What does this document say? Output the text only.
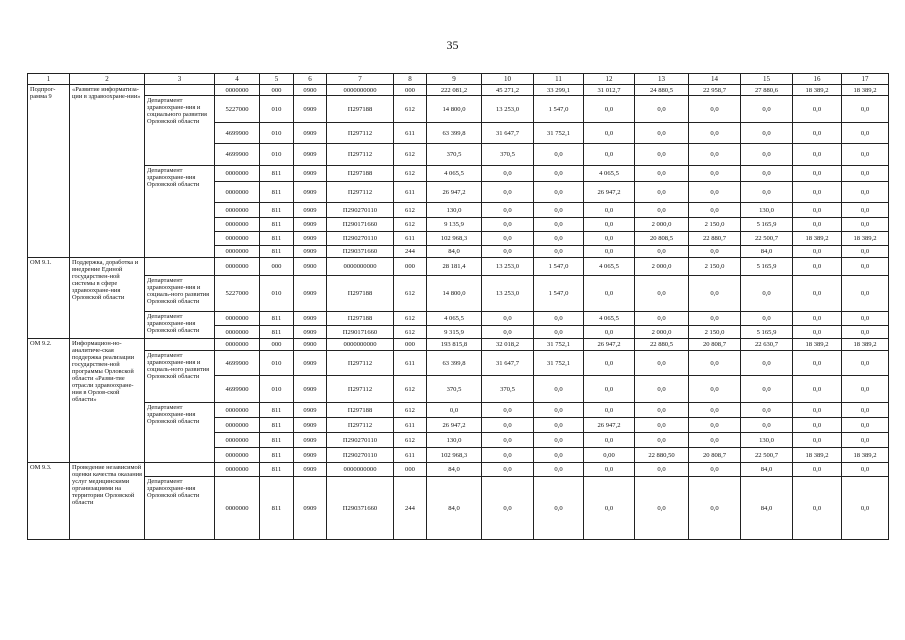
35
1	2	3	4	5	6	7	8	9	10	11	12	13	14	15	16	17
Подпрог-рамма 9	«Развитие информатиза-ции в здравоохране-нии»		0000000	000	0900	0000000000	000	222 081,2	45 271,2	33 299,1	31 012,7	24 880,5	22 958,7	27 880,6	18 389,2	18 389,2
		Департамент здравоохране-ния и социального развития Орловской области	5227000	010	0909	П297188	612	14 800,0	13 253,0	1 547,0	0,0	0,0	0,0	0,0	0,0	0,0
			4699900	010	0909	П297112	611	63 399,8	31 647,7	31 752,1	0,0	0,0	0,0	0,0	0,0	0,0
			4699900	010	0909	П297112	612	370,5	370,5	0,0	0,0	0,0	0,0	0,0	0,0	0,0
		Департамент здравоохране-ния Орловской области	0000000	811	0909	П297188	612	4 065,5	0,0	0,0	4 065,5	0,0	0,0	0,0	0,0	0,0
			0000000	811	0909	П297112	611	26 947,2	0,0	0,0	26 947,2	0,0	0,0	0,0	0,0	0,0
			0000000	811	0909	П290270110	612	130,0	0,0	0,0	0,0	0,0	0,0	130,0	0,0	0,0
			0000000	811	0909	П290171660	612	9 135,9	0,0	0,0	0,0	2 000,0	2 150,0	5 165,9	0,0	0,0
			0000000	811	0909	П290270110	611	102 968,3	0,0	0,0	0,0	20 808,5	22 880,7	22 500,7	18 389,2	18 389,2
			0000000	811	0909	П290371660	244	84,0	0,0	0,0	0,0	0,0	0,0	84,0	0,0	0,0
ОМ 9.1.	Поддержка, доработка и внедрение Единой государствен-ной системы в сфере здравоохране-ния Орловской области		0000000	000	0900	0000000000	000	28 181,4	13 253,0	1 547,0	4 065,5	2 000,0	2 150,0	5 165,9	0,0	0,0
		Департамент здравоохране-ния и социаль-ного развития Орловской области	5227000	010	0909	П297188	612	14 800,0	13 253,0	1 547,0	0,0	0,0	0,0	0,0	0,0	0,0
		Департамент здравоохране-ния Орловской области	0000000	811	0909	П297188	612	4 065,5	0,0	0,0	4 065,5	0,0	0,0	0,0	0,0	0,0
			0000000	811	0909	П290171660	612	9 315,9	0,0	0,0	0,0	2 000,0	2 150,0	5 165,9	0,0	0,0
ОМ 9.2.	Информацион-но-аналитиче-ская поддержка реализации государствен-ной программы Орловской области «Разви-тие отрасли здравоохране-ния в Орлов-ской области»		0000000	000	0900	0000000000	000	193 815,8	32 018,2	31 752,1	26 947,2	22 880,5	20 808,7	22 630,7	18 389,2	18 389,2
		Департамент здравоохране-ния и социаль-ного развития Орловской области	4699900	010	0909	П297112	611	63 399,8	31 647,7	31 752,1	0,0	0,0	0,0	0,0	0,0	0,0
			4699900	010	0909	П297112	612	370,5	370,5	0,0	0,0	0,0	0,0	0,0	0,0	0,0
		Департамент здравоохране-ния Орловской области	0000000	811	0909	П297188	612	0,0	0,0	0,0	0,0	0,0	0,0	0,0	0,0	0,0
			0000000	811	0909	П297112	611	26 947,2	0,0	0,0	26 947,2	0,0	0,0	0,0	0,0	0,0
			0000000	811	0909	П290270110	612	130,0	0,0	0,0	0,0	0,0	0,0	130,0	0,0	0,0
			0000000	811	0909	П290270110	611	102 968,3	0,0	0,0	0,00	22 880,50	20 808,7	22 500,7	18 389,2	18 389,2
ОМ 9.3.	Проведение независимой оценки качества оказания услуг медицинскими организациями на территории Орловской области		0000000	811	0909	0000000000	000	84,0	0,0	0,0	0,0	0,0	0,0	84,0	0,0	0,0
		Департамент здравоохране-ния Орловской области	0000000	811	0909	П290371660	244	84,0	0,0	0,0	0,0	0,0	0,0	84,0	0,0	0,0
